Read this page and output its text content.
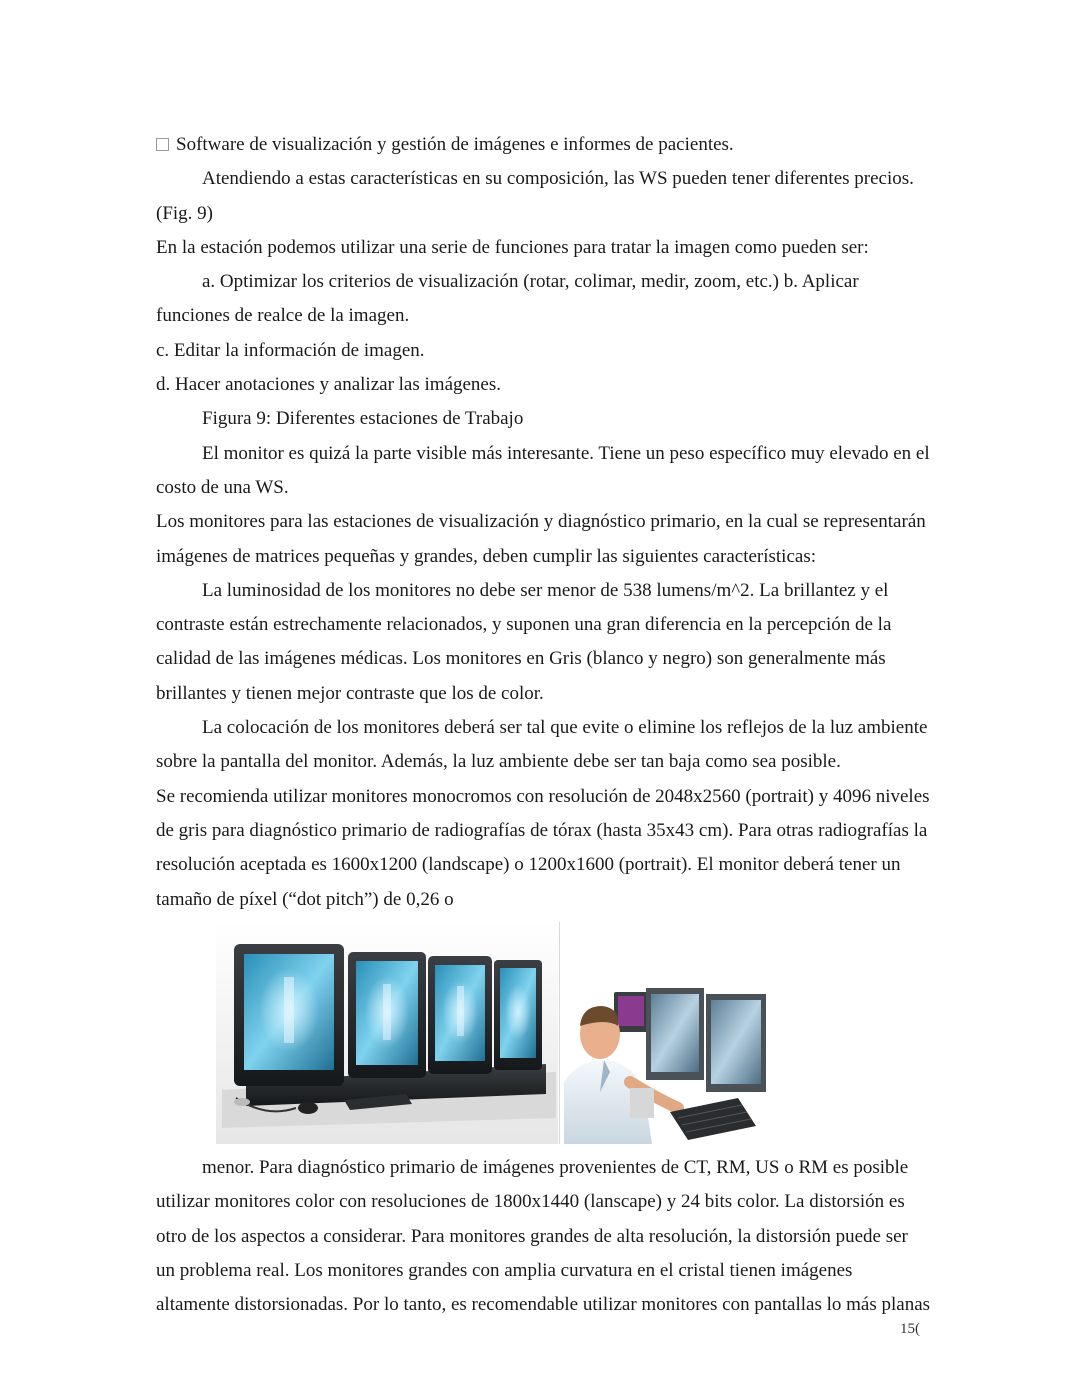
Software de visualización y gestión de imágenes e informes de pacientes.

Atendiendo a estas características en su composición, las WS pueden tener diferentes precios.

(Fig. 9)

En la estación podemos utilizar una serie de funciones para tratar la imagen como pueden ser:

a. Optimizar los criterios de visualización (rotar, colimar, medir, zoom, etc.) b. Aplicar

funciones de realce de la imagen.

c. Editar la información de imagen.

d. Hacer anotaciones y analizar las imágenes.

Figura 9: Diferentes estaciones de Trabajo

El monitor es quizá la parte visible más interesante. Tiene un peso específico muy elevado en el

costo de una WS.

Los monitores para las estaciones de visualización y diagnóstico primario, en la cual se representarán

imágenes de matrices pequeñas y grandes, deben cumplir las siguientes características:

La luminosidad de los monitores no debe ser menor de 538 lumens/m^2. La brillantez y el

contraste están estrechamente relacionados, y suponen una gran diferencia en la percepción de la

calidad de las imágenes médicas. Los monitores en Gris (blanco y negro) son generalmente más

brillantes y tienen mejor contraste que los de color.

La colocación de los monitores deberá ser tal que evite o elimine los reflejos de la luz ambiente

sobre la pantalla del monitor. Además, la luz ambiente debe ser tan baja como sea posible.

Se recomienda utilizar monitores monocromos con resolución de 2048x2560 (portrait) y 4096 niveles

de gris para diagnóstico primario de radiografías de tórax (hasta 35x43 cm). Para otras radiografías la

resolución aceptada es 1600x1200 (landscape) o 1200x1600 (portrait). El monitor deberá tener un

tamaño de píxel (“dot pitch”) de 0,26 o

menor. Para diagnóstico primario de imágenes provenientes de CT, RM, US o RM es posible

utilizar monitores color con resoluciones de 1800x1440 (lanscape) y 24 bits color. La distorsión es

otro de los aspectos a considerar. Para monitores grandes de alta resolución, la distorsión puede ser

un problema real. Los monitores grandes con amplia curvatura en el cristal tienen imágenes

altamente distorsionadas. Por lo tanto, es recomendable utilizar monitores con pantallas lo más planas

15(
